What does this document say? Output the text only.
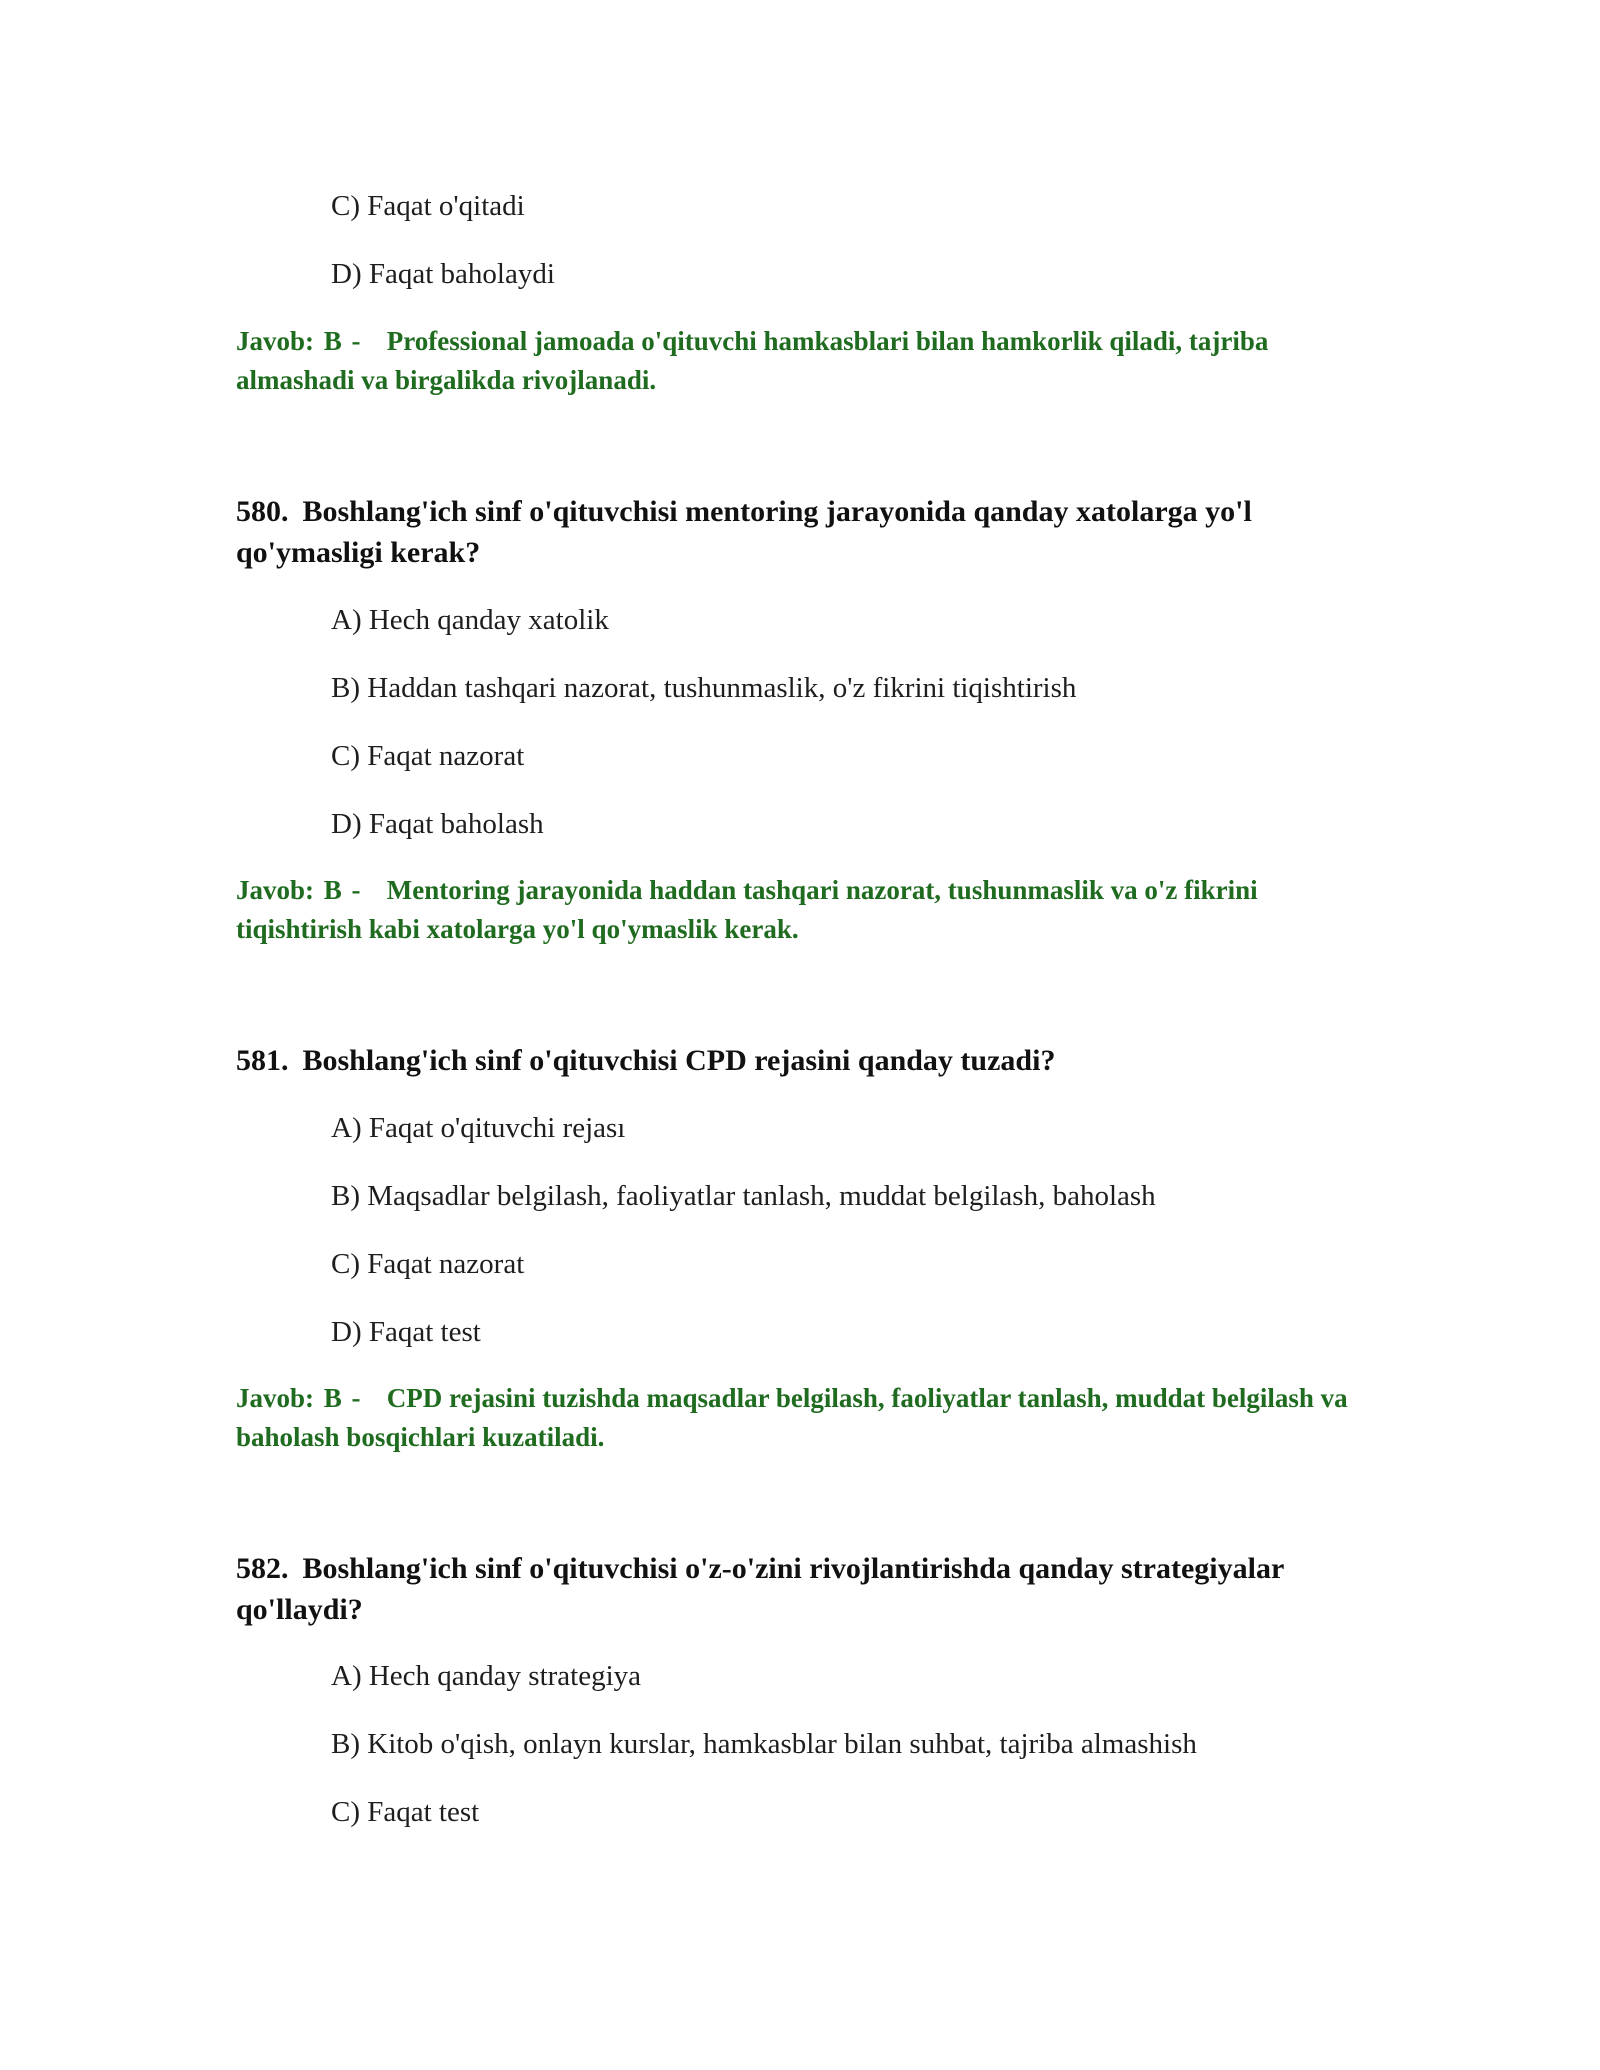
C) Faqat o'qitadi
D) Faqat baholaydi
Javob: B -   Professional jamoada o'qituvchi hamkasblari bilan hamkorlik qiladi, tajriba almashadi va birgalikda rivojlanadi.
580. Boshlang'ich sinf o'qituvchisi mentoring jarayonida qanday xatolarga yo'l qo'ymasligi kerak?
A) Hech qanday xatolik
B) Haddan tashqari nazorat, tushunmaslik, o'z fikrini tiqishtirish
C) Faqat nazorat
D) Faqat baholash
Javob: B -   Mentoring jarayonida haddan tashqari nazorat, tushunmaslik va o'z fikrini tiqishtirish kabi xatolarga yo'l qo'ymaslik kerak.
581. Boshlang'ich sinf o'qituvchisi CPD rejasini qanday tuzadi?
A) Faqat o'qituvchi rejası
B) Maqsadlar belgilash, faoliyatlar tanlash, muddat belgilash, baholash
C) Faqat nazorat
D) Faqat test
Javob: B -   CPD rejasini tuzishda maqsadlar belgilash, faoliyatlar tanlash, muddat belgilash va baholash bosqichlari kuzatiladi.
582. Boshlang'ich sinf o'qituvchisi o'z-o'zini rivojlantirishda qanday strategiyalar qo'llaydi?
A) Hech qanday strategiya
B) Kitob o'qish, onlayn kurslar, hamkasblar bilan suhbat, tajriba almashish
C) Faqat test
